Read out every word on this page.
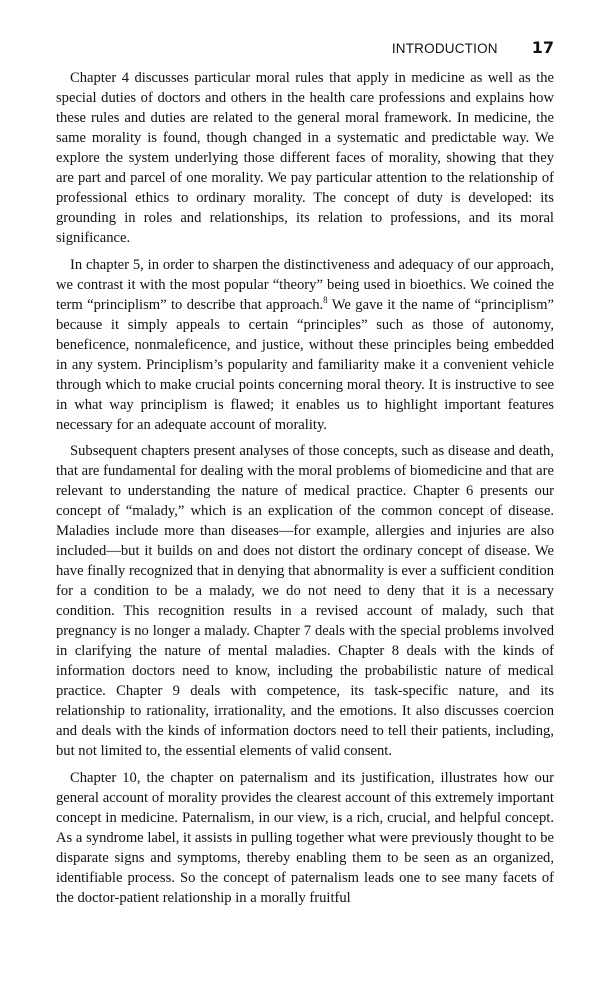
INTRODUCTION 17

Chapter 4 discusses particular moral rules that apply in medicine as well as the special duties of doctors and others in the health care professions and explains how these rules and duties are related to the general moral framework. In medicine, the same morality is found, though changed in a systematic and predictable way. We explore the system underlying those different faces of morality, showing that they are part and parcel of one morality. We pay particular attention to the relationship of professional ethics to ordinary morality. The concept of duty is developed: its grounding in roles and relationships, its relation to professions, and its moral significance.

In chapter 5, in order to sharpen the distinctiveness and adequacy of our approach, we contrast it with the most popular “theory” being used in bioethics. We coined the term “principlism” to describe that approach.$^8$ We gave it the name of “principlism” because it simply appeals to certain “principles” such as those of autonomy, beneficence, nonmaleficence, and justice, without these principles being embedded in any system. Principlism’s popularity and familiarity make it a convenient vehicle through which to make crucial points concerning moral theory. It is instructive to see in what way principlism is flawed; it enables us to highlight important features necessary for an adequate account of morality.

Subsequent chapters present analyses of those concepts, such as disease and death, that are fundamental for dealing with the moral problems of biomedicine and that are relevant to understanding the nature of medical practice. Chapter 6 presents our concept of “malady,” which is an explication of the common concept of disease. Maladies include more than diseases—for example, allergies and injuries are also included—but it builds on and does not distort the ordinary concept of disease. We have finally recognized that in denying that abnormality is ever a sufficient condition for a condition to be a malady, we do not need to deny that it is a necessary condition. This recognition results in a revised account of malady, such that pregnancy is no longer a malady. Chapter 7 deals with the special problems involved in clarifying the nature of mental maladies. Chapter 8 deals with the kinds of information doctors need to know, including the probabilistic nature of medical practice. Chapter 9 deals with competence, its task-specific nature, and its relationship to rationality, irrationality, and the emotions. It also discusses coercion and deals with the kinds of information doctors need to tell their patients, including, but not limited to, the essential elements of valid consent.

Chapter 10, the chapter on paternalism and its justification, illustrates how our general account of morality provides the clearest account of this extremely important concept in medicine. Paternalism, in our view, is a rich, crucial, and helpful concept. As a syndrome label, it assists in pulling together what were previously thought to be disparate signs and symptoms, thereby enabling them to be seen as an organized, identifiable process. So the concept of paternalism leads one to see many facets of the doctor-patient relationship in a morally fruitful
